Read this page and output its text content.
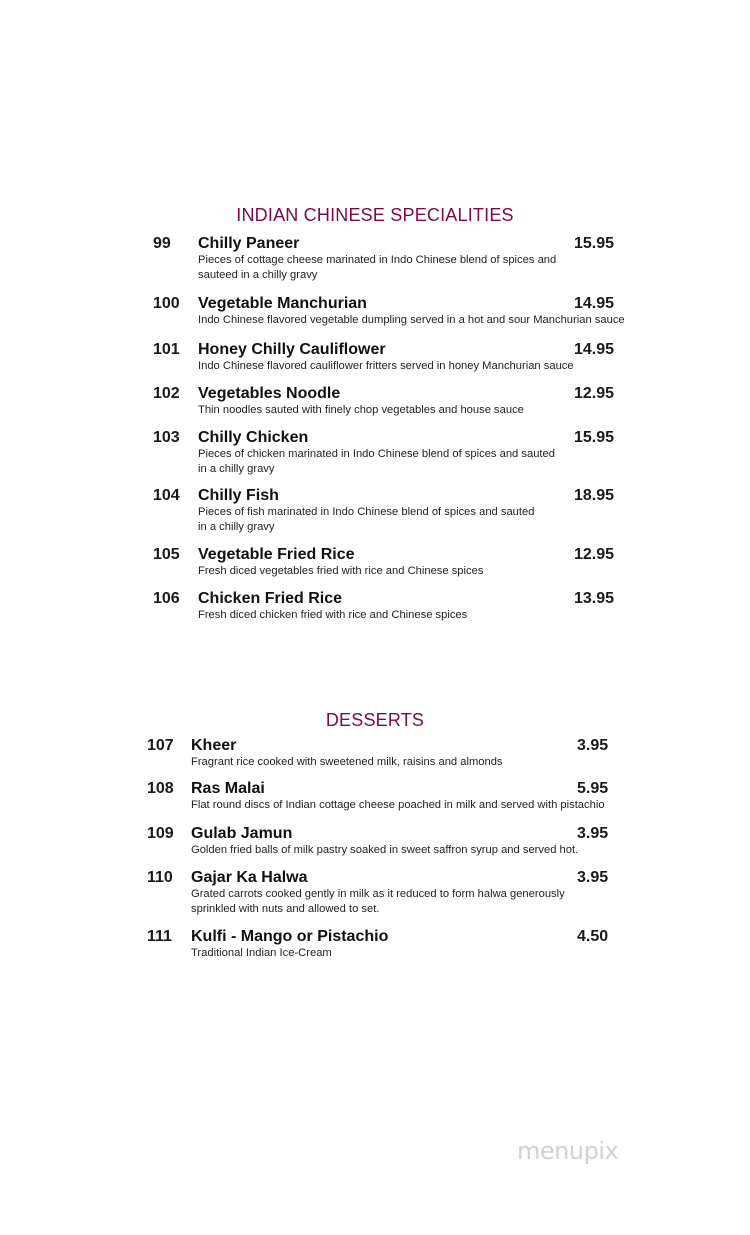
INDIAN CHINESE SPECIALITIES
99 Chilly Paneer
Pieces of cottage cheese marinated in Indo Chinese blend of spices and
sauteed in a chilly gravy
15.95
100 Vegetable Manchurian
Indo Chinese flavored vegetable dumpling served in a hot and sour Manchurian sauce
14.95
101 Honey Chilly Cauliflower
Indo Chinese flavored cauliflower fritters served in honey Manchurian sauce
14.95
102 Vegetables Noodle
Thin noodles sauted with finely chop vegetables and house sauce
12.95
103 Chilly Chicken
Pieces of chicken marinated in Indo Chinese blend of spices and sauted
in a chilly gravy
15.95
104 Chilly Fish
Pieces of fish marinated in Indo Chinese blend of spices and sauted
in a chilly gravy
18.95
105 Vegetable Fried Rice
Fresh diced vegetables fried with rice and Chinese spices
12.95
106 Chicken Fried Rice
Fresh diced chicken fried with rice and Chinese spices
13.95
DESSERTS
107 Kheer
Fragrant rice cooked with sweetened milk, raisins and almonds
3.95
108 Ras Malai
Flat round discs of Indian cottage cheese poached in milk and served with pistachio
5.95
109 Gulab Jamun
Golden fried balls of milk pastry soaked in sweet saffron syrup and served hot.
3.95
110 Gajar Ka Halwa
Grated carrots cooked gently in milk as it reduced to form halwa generously
sprinkled with nuts and allowed to set.
3.95
111 Kulfi - Mango or Pistachio
Traditional Indian Ice-Cream
4.50
menupix
